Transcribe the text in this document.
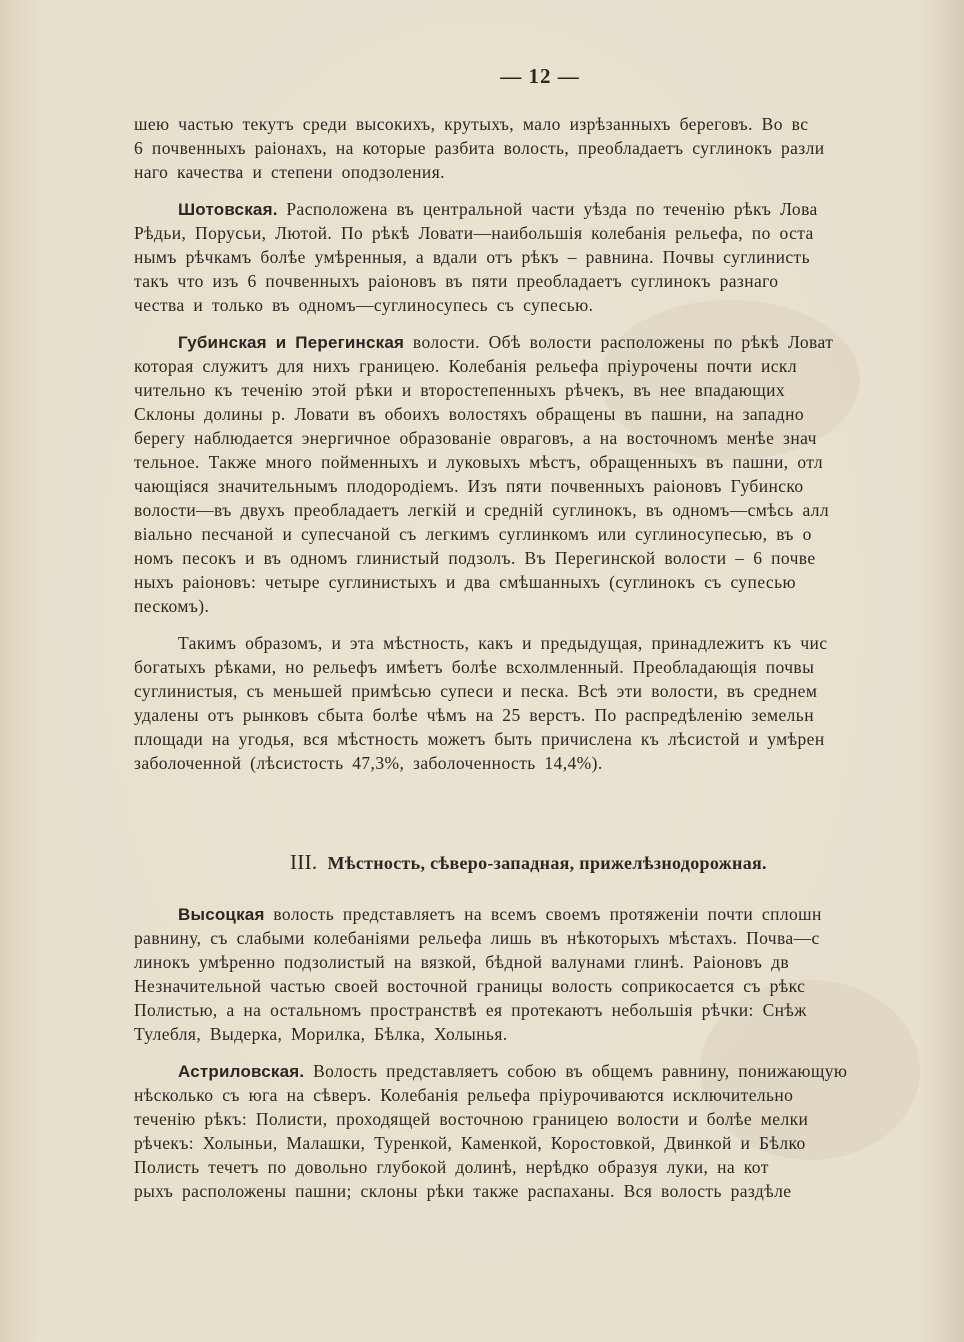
— 12 —
шею частью текутъ среди высокихъ, крутыхъ, мало изрѣзанныхъ береговъ. Во вс
6 почвенныхъ раіонахъ, на которые разбита волость, преобладаетъ суглинокъ разли
наго качества и степени оподзоления.
Шотовская. Расположена въ центральной части уѣзда по теченію рѣкъ Лова
Рѣдьи, Порусьи, Лютой. По рѣкѣ Ловати—наибольшія колебанія рельефа, по оста
нымъ рѣчкамъ болѣе умѣренныя, а вдали отъ рѣкъ – равнина. Почвы суглинисть
такъ что изъ 6 почвенныхъ раіоновъ въ пяти преобладаетъ суглинокъ разнаго
чества и только въ одномъ—суглиносупесь съ супесью.
Губинская и Перегинская волости. Обѣ волости расположены по рѣкѣ Ловат
которая служитъ для нихъ границею. Колебанія рельефа пріурочены почти искл
чительно къ теченію этой рѣки и второстепенныхъ рѣчекъ, въ нее впадающих
Склоны долины р. Ловати въ обоихъ волостяхъ обращены въ пашни, на западно
берегу наблюдается энергичное образованіе овраговъ, а на восточномъ менѣе знач
тельное. Также много пойменныхъ и луковыхъ мѣстъ, обращенныхъ въ пашни, отл
чающіяся значительнымъ плодородіемъ. Изъ пяти почвенныхъ раіоновъ Губинско
волости—въ двухъ преобладаетъ легкій и средній суглинокъ, въ одномъ—смѣсь алл
віально песчаной и супесчаной съ легкимъ суглинкомъ или суглиносупесью, въ о
номъ песокъ и въ одномъ глинистый подзолъ. Въ Перегинской волости – 6 почве
ныхъ раіоновъ: четыре суглинистыхъ и два смѣшанныхъ (суглинокъ съ супесью
пескомъ).
Такимъ образомъ, и эта мѣстность, какъ и предыдущая, принадлежитъ къ чис
богатыхъ рѣками, но рельефъ имѣетъ болѣе всхолмленный. Преобладающія почвы
суглинистыя, съ меньшей примѣсью супеси и песка. Всѣ эти волости, въ среднем
удалены отъ рынковъ сбыта болѣе чѣмъ на 25 верстъ. По распредѣленію земельн
площади на угодья, вся мѣстность можетъ быть причислена къ лѣсистой и умѣрен
заболоченной (лѣсистость 47,3%, заболоченность 14,4%).
III. Мѣстность, сѣверо-западная, прижелѣзнодорожная.
Высоцкая волость представляетъ на всемъ своемъ протяженіи почти сплошн
равнину, съ слабыми колебаніями рельефа лишь въ нѣкоторыхъ мѣстахъ. Почва—с
линокъ умѣренно подзолистый на вязкой, бѣдной валунами глинѣ. Раіоновъ дв
Незначительной частью своей восточной границы волость соприкосается съ рѣкс
Полистью, а на остальномъ пространствѣ ея протекаютъ небольшія рѣчки: Снѣж
Тулебля, Выдерка, Морилка, Бѣлка, Холынья.
Астриловская. Волость представляетъ собою въ общемъ равнину, понижающую
нѣсколько съ юга на сѣверъ. Колебанія рельефа пріурочиваются исключительно
теченію рѣкъ: Полисти, проходящей восточною границею волости и болѣе мелки
рѣчекъ: Холыньи, Малашки, Туренкой, Каменкой, Коростовкой, Двинкой и Бѣлко
Полисть течетъ по довольно глубокой долинѣ, нерѣдко образуя луки, на кот
рыхъ расположены пашни; склоны рѣки также распаханы. Вся волость раздѣле
